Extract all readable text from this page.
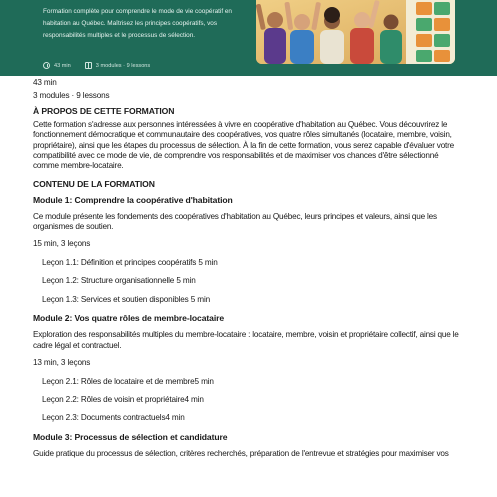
Formation complète pour comprendre le mode de vie coopératif en habitation au Québec. Maîtrisez les principes coopératifs, vos responsabilités multiples et le processus de sélection.
43 min	3 modules · 9 lessons
43 min
3 modules · 9 lessons
À PROPOS DE CETTE FORMATION
Cette formation s'adresse aux personnes intéressées à vivre en coopérative d'habitation au Québec. Vous découvrirez le fonctionnement démocratique et communautaire des coopératives, vos quatre rôles simultanés (locataire, membre, voisin, propriétaire), ainsi que les étapes du processus de sélection. À la fin de cette formation, vous serez capable d'évaluer votre compatibilité avec ce mode de vie, de comprendre vos responsabilités et de maximiser vos chances d'être sélectionné comme membre-locataire.
CONTENU DE LA FORMATION
Module 1: Comprendre la coopérative d'habitation
Ce module présente les fondements des coopératives d'habitation au Québec, leurs principes et valeurs, ainsi que les organismes de soutien.
15 min, 3 leçons
Leçon 1.1: Définition et principes coopératifs 5 min
Leçon 1.2: Structure organisationnelle 5 min
Leçon 1.3: Services et soutien disponibles 5 min
Module 2: Vos quatre rôles de membre-locataire
Exploration des responsabilités multiples du membre-locataire : locataire, membre, voisin et propriétaire collectif, ainsi que le cadre légal et contractuel.
13 min, 3 leçons
Leçon 2.1: Rôles de locataire et de membre5 min
Leçon 2.2: Rôles de voisin et propriétaire4 min
Leçon 2.3: Documents contractuels4 min
Module 3: Processus de sélection et candidature
Guide pratique du processus de sélection, critères recherchés, préparation de l'entrevue et stratégies pour maximiser vos
